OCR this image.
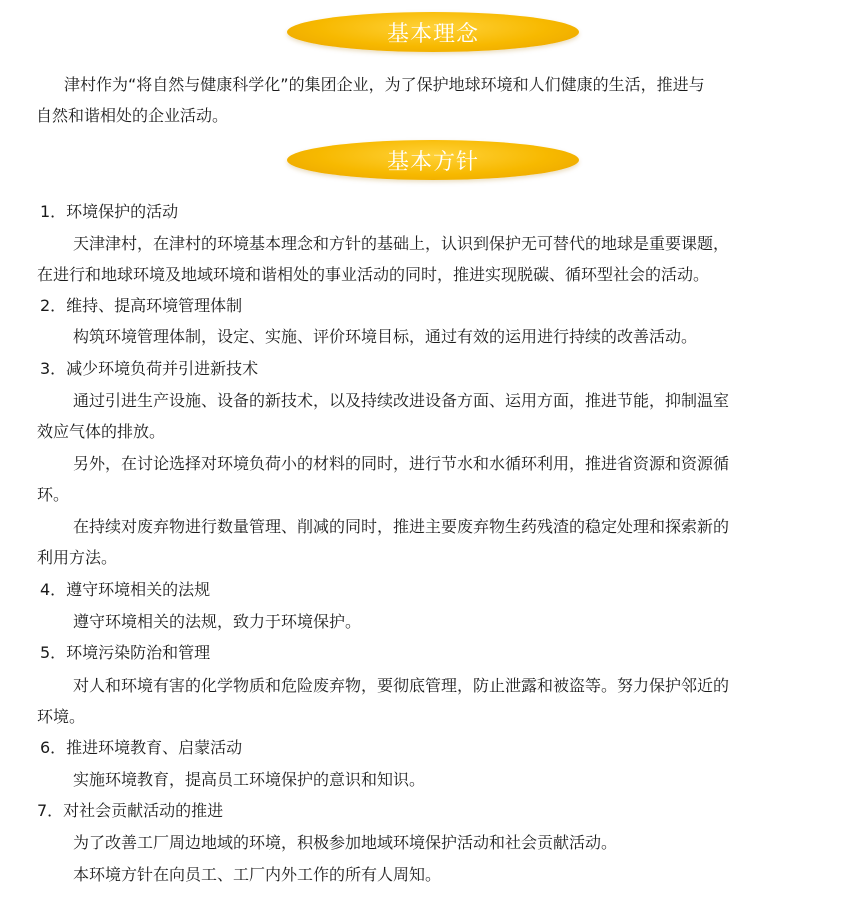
基本理念
津村作为“将自然与健康科学化”的集团企业，为了保护地球环境和人们健康的生活，推进与
自然和谐相处的企业活动。
基本方针
1．环境保护的活动
天津津村，在津村的环境基本理念和方针的基础上，认识到保护无可替代的地球是重要课题，
在进行和地球环境及地域环境和谐相处的事业活动的同时，推进实现脱碳、循环型社会的活动。
2．维持、提高环境管理体制
构筑环境管理体制，设定、实施、评价环境目标，通过有效的运用进行持续的改善活动。
3．减少环境负荷并引进新技术
通过引进生产设施、设备的新技术，以及持续改进设备方面、运用方面，推进节能，抑制温室
效应气体的排放。
另外，在讨论选择对环境负荷小的材料的同时，进行节水和水循环利用，推进省资源和资源循
环。
在持续对废弃物进行数量管理、削减的同时，推进主要废弃物生药残渣的稳定处理和探索新的
利用方法。
4．遵守环境相关的法规
遵守环境相关的法规，致力于环境保护。
5．环境污染防治和管理
对人和环境有害的化学物质和危险废弃物，要彻底管理，防止泄露和被盗等。努力保护邻近的
环境。
6．推进环境教育、启蒙活动
实施环境教育，提高员工环境保护的意识和知识。
7．对社会贡献活动的推进
为了改善工厂周边地域的环境，积极参加地域环境保护活动和社会贡献活动。
本环境方针在向员工、工厂内外工作的所有人周知。
